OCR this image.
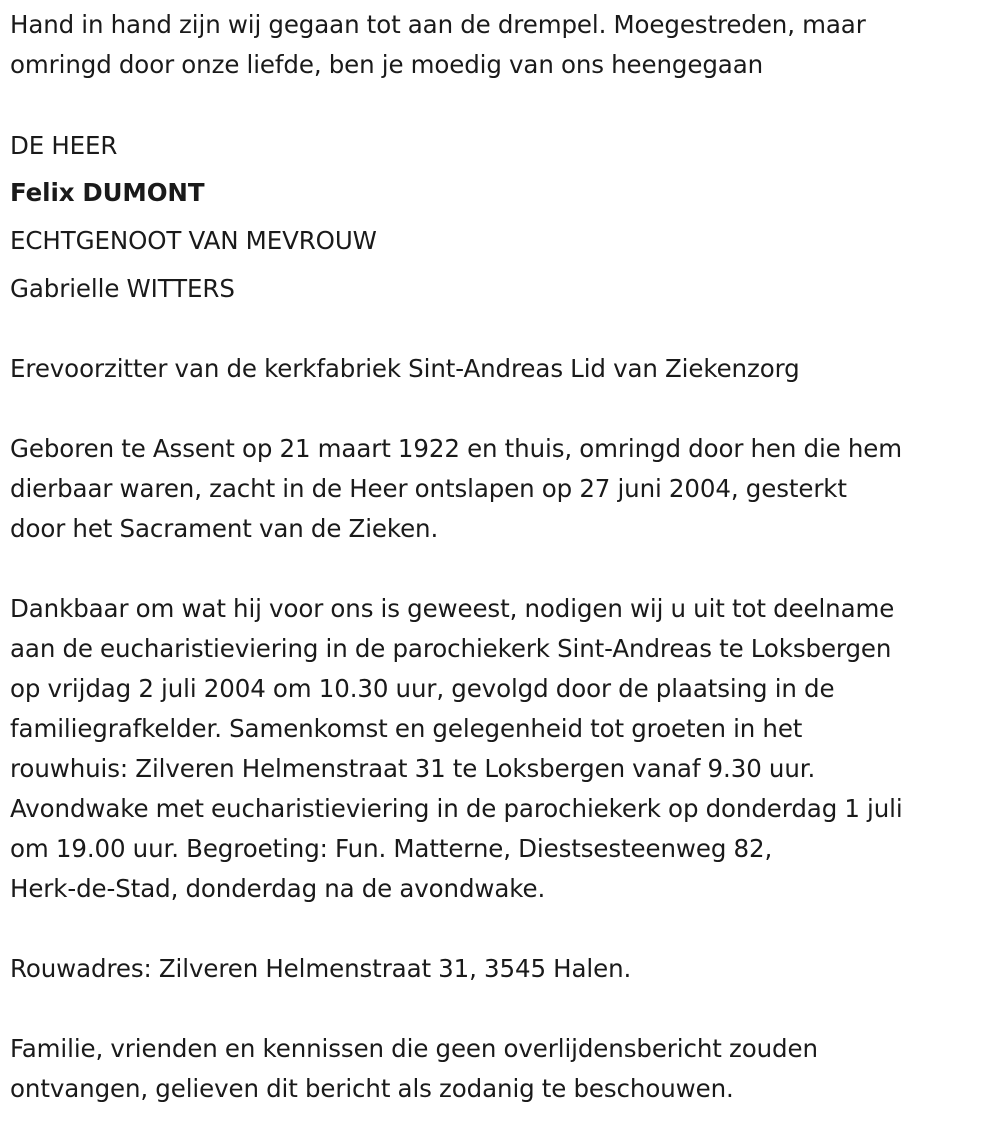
Hand in hand zijn wij gegaan tot aan de drempel. Moegestreden, maar
omringd door onze liefde, ben je moedig van ons heengegaan

DE HEER

Felix DUMONT

ECHTGENOOT VAN MEVROUW

Gabrielle WITTERS

Erevoorzitter van de kerkfabriek Sint-Andreas Lid van Ziekenzorg

Geboren te Assent op 21 maart 1922 en thuis, omringd door hen die hem
dierbaar waren, zacht in de Heer ontslapen op 27 juni 2004, gesterkt
door het Sacrament van de Zieken.

Dankbaar om wat hij voor ons is geweest, nodigen wij u uit tot deelname
aan de eucharistieviering in de parochiekerk Sint-Andreas te Loksbergen
op vrijdag 2 juli 2004 om 10.30 uur, gevolgd door de plaatsing in de
familiegrafkelder. Samenkomst en gelegenheid tot groeten in het
rouwhuis: Zilveren Helmenstraat 31 te Loksbergen vanaf 9.30 uur.
Avondwake met eucharistieviering in de parochiekerk op donderdag 1 juli
om 19.00 uur. Begroeting: Fun. Matterne, Diestsesteenweg 82,
Herk-de-Stad, donderdag na de avondwake.

Rouwadres: Zilveren Helmenstraat 31, 3545 Halen.

Familie, vrienden en kennissen die geen overlijdensbericht zouden
ontvangen, gelieven dit bericht als zodanig te beschouwen.
